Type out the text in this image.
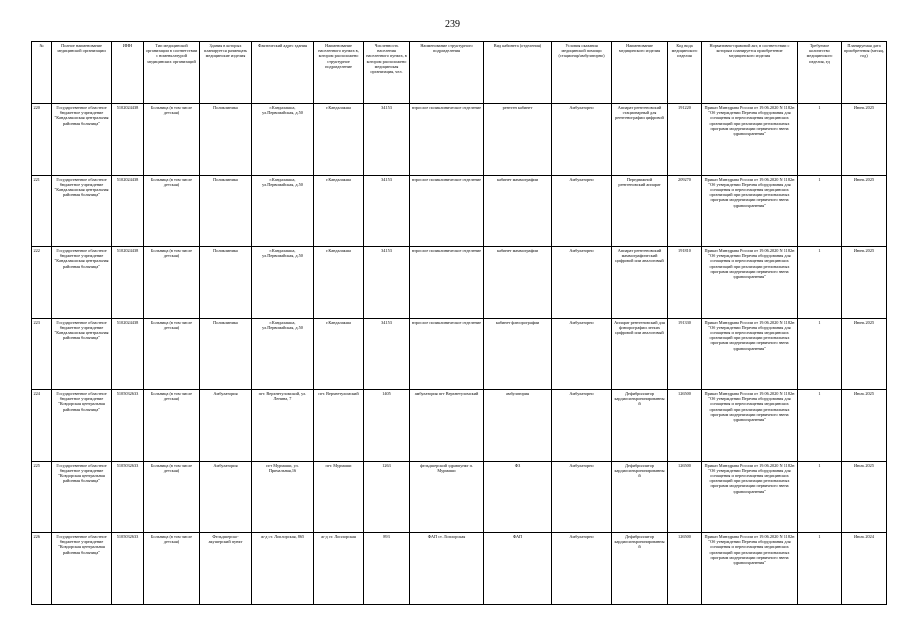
239
№	Полное наименование медицинской организации	ИНН	Тип медицинской организации в соответствии с номенклатурой медицинских организаций	Здания в которых планируется размещать медицинские изделия	Фактический адрес здания	Наименование населенного пункта в, котором расположено структурное подразделение	Численность населения населенного пункта, в котором расположено медицинская организация, чел.	Наименование структурного подразделения	Вид кабинета (отделения)	Условия оказания медицинской помощи (стационар/амбулаторно)	Наименование медицинского изделия	Код вида медицинского изделия	Нормативно-правовой акт, в соответствии с которым планируется приобретение медицинского изделия	Требуемое количество медицинского изделия, ед	Планируемая дата приобретения (месяц, год)
220	Государственное областное бюджетное учреждение "Кандалакшская центральная районная больница"	5102024438	Больница (в том числе детская)	Поликлиника	г.Кандалакша, ул.Первомайская, д.50	г.Кандалакша	34153	взрослое поликлиническое отделение	рентген кабинет	Амбулаторно	Аппарат рентгеновский стационарный для рентгенографии цифровой	191220	Приказ Минздрава России от 19.06.2020 N 1182н "Об утверждении Перечня оборудования для оснащения и переоснащения медицинских организаций при реализации региональных программ модернизации первичного звена здравоохранения"	1	Июнь 2025
221	Государственное областное бюджетное учреждение "Кандалакшская центральная районная больница"	5102024438	Больница (в том числе детская)	Поликлиника	г.Кандалакша, ул.Первомайская, д.50	г.Кандалакша	34153	взрослое поликлиническое отделение	кабинет маммографии	Амбулаторно	Передвижной рентгеновский аппарат	209270	Приказ Минздрава России от 19.06.2020 N 1182н "Об утверждении Перечня оборудования для оснащения и переоснащения медицинских организаций при реализации региональных программ модернизации первичного звена здравоохранения"	1	Июнь 2025
222	Государственное областное бюджетное учреждение "Кандалакшская центральная районная больница"	5102024438	Больница (в том числе детская)	Поликлиника	г.Кандалакша, ул.Первомайская, д.50	г.Кандалакша	34153	взрослое поликлиническое отделение	кабинет маммографии	Амбулаторно	Аппарат рентгеновский маммографический цифровой или аналоговый	191810	Приказ Минздрава России от 19.06.2020 N 1182н "Об утверждении Перечня оборудования для оснащения и переоснащения медицинских организаций при реализации региональных программ модернизации первичного звена здравоохранения"	1	Июнь 2025
223	Государственное областное бюджетное учреждение "Кандалакшская центральная районная больница"	5102024438	Больница (в том числе детская)	Поликлиника	г.Кандалакша, ул.Первомайская, д.50	г.Кандалакша	34153	взрослое поликлиническое отделение	кабинет флюорографии	Амбулаторно	Аппарат рентгеновский для флюорографии легких цифровой или аналоговый	191330	Приказ Минздрава России от 19.06.2020 N 1182н "Об утверждении Перечня оборудования для оснащения и переоснащения медицинских организаций при реализации региональных программ модернизации первичного звена здравоохранения"	1	Июнь 2025
224	Государственное областное бюджетное учреждение "Ковдорская центральная районная больница"	5105032633	Больница (в том числе детская)	Амбулатория	пгт. Верхнетуломский, ул. Ленина, 7	пгт. Верхнетуломский	1405	амбулатория пгт Верхнетуломский	амбулатория	Амбулаторно	Дефибриллятор кардиосинхронизированный	126500	Приказ Минздрава России от 19.06.2020 N 1182н "Об утверждении Перечня оборудования для оснащения и переоснащения медицинских организаций при реализации региональных программ модернизации первичного звена здравоохранения"	1	Июль 2025
225	Государственное областное бюджетное учреждение "Ковдорская центральная районная больница"	5105032633	Больница (в том числе детская)	Амбулатория	пгт Мурмаши, ул. Причальная,16	пгт. Мурмаши	1263	фельдшерский здравпункт п. Мурмаши	ФЗ	Амбулаторно	Дефибриллятор кардиосинхронизированный	126500	Приказ Минздрава России от 19.06.2020 N 1182н "Об утверждении Перечня оборудования для оснащения и переоснащения медицинских организаций при реализации региональных программ модернизации первичного звена здравоохранения"	1	Июль 2025
226	Государственное областное бюджетное учреждение "Ковдорская центральная районная больница"	5105032633	Больница (в том числе детская)	Фельдшерско-акушерский пункт	ж-д ст. Лоплорская, 865	ж-д ст. Лоплорская	893	ФАП ст. Лоплорская	ФАП	Амбулаторно	Дефибриллятор кардиосинхронизированный	126500	Приказ Минздрава России от 19.06.2020 N 1182н "Об утверждении Перечня оборудования для оснащения и переоснащения медицинских организаций при реализации региональных программ модернизации первичного звена здравоохранения"	1	Июль 2024
